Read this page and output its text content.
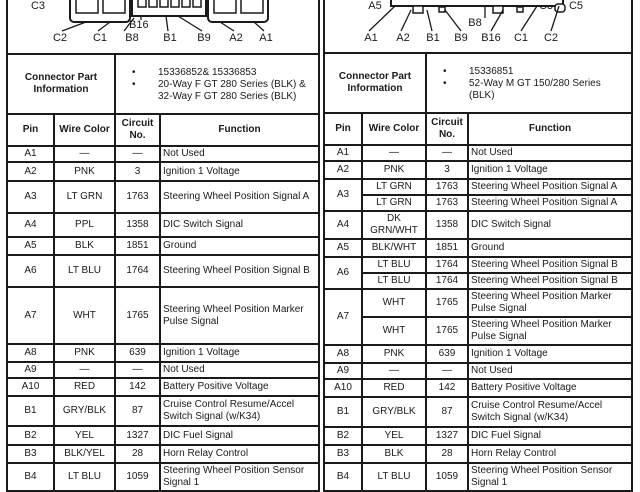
C3
B16
C2 C1 B8 B1 B9 A2 A1

Connector Part Information		• 15336852& 15336853
• 20-Way F GT 280 Series (BLK) & 32-Way F GT 280 Series (BLK)	

Pin	Wire Color	Circuit No.	Function
A1	—	—	Not Used
A2	PNK	3	Ignition 1 Voltage
A3	LT GRN	1763	Steering Wheel Position Signal A
A4	PPL	1358	DIC Switch Signal
A5	BLK	1851	Ground
A6	LT BLU	1764	Steering Wheel Position Signal B
A7	WHT	1765	Steering Wheel Position Marker Pulse Signal
A8	PNK	639	Ignition 1 Voltage
A9	—	—	Not Used
A10	RED	142	Battery Positive Voltage
B1	GRY/BLK	87	Cruise Control Resume/Accel Switch Signal (w/K34)
B2	YEL	1327	DIC Fuel Signal
B3	BLK/YEL	28	Horn Relay Control
B4	LT BLU	1059	Steering Wheel Position Sensor Signal 1
A5	C5
B8
A1 A2 B1 B9 B16 C1 C2

Connector Part Information		• 15336851
• 52-Way M GT 150/280 Series (BLK)	

Pin	Wire Color	Circuit No.	Function
A1	—	—	Not Used
A2	PNK	3	Ignition 1 Voltage
A3	LT GRN	1763	Steering Wheel Position Signal A
	LT GRN	1763	Steering Wheel Position Signal A
A4	DK GRN/WHT	1358	DIC Switch Signal
A5	BLK/WHT	1851	Ground
A6	LT BLU	1764	Steering Wheel Position Signal B
	LT BLU	1764	Steering Wheel Position Signal B
A7	WHT	1765	Steering Wheel Position Marker Pulse Signal
	WHT	1765	Steering Wheel Position Marker Pulse Signal
A8	PNK	639	Ignition 1 Voltage
A9	—	—	Not Used
A10	RED	142	Battery Positive Voltage
B1	GRY/BLK	87	Cruise Control Resume/Accel Switch Signal (w/K34)
B2	YEL	1327	DIC Fuel Signal
B3	BLK	28	Horn Relay Control
B4	LT BLU	1059	Steering Wheel Position Sensor Signal 1
